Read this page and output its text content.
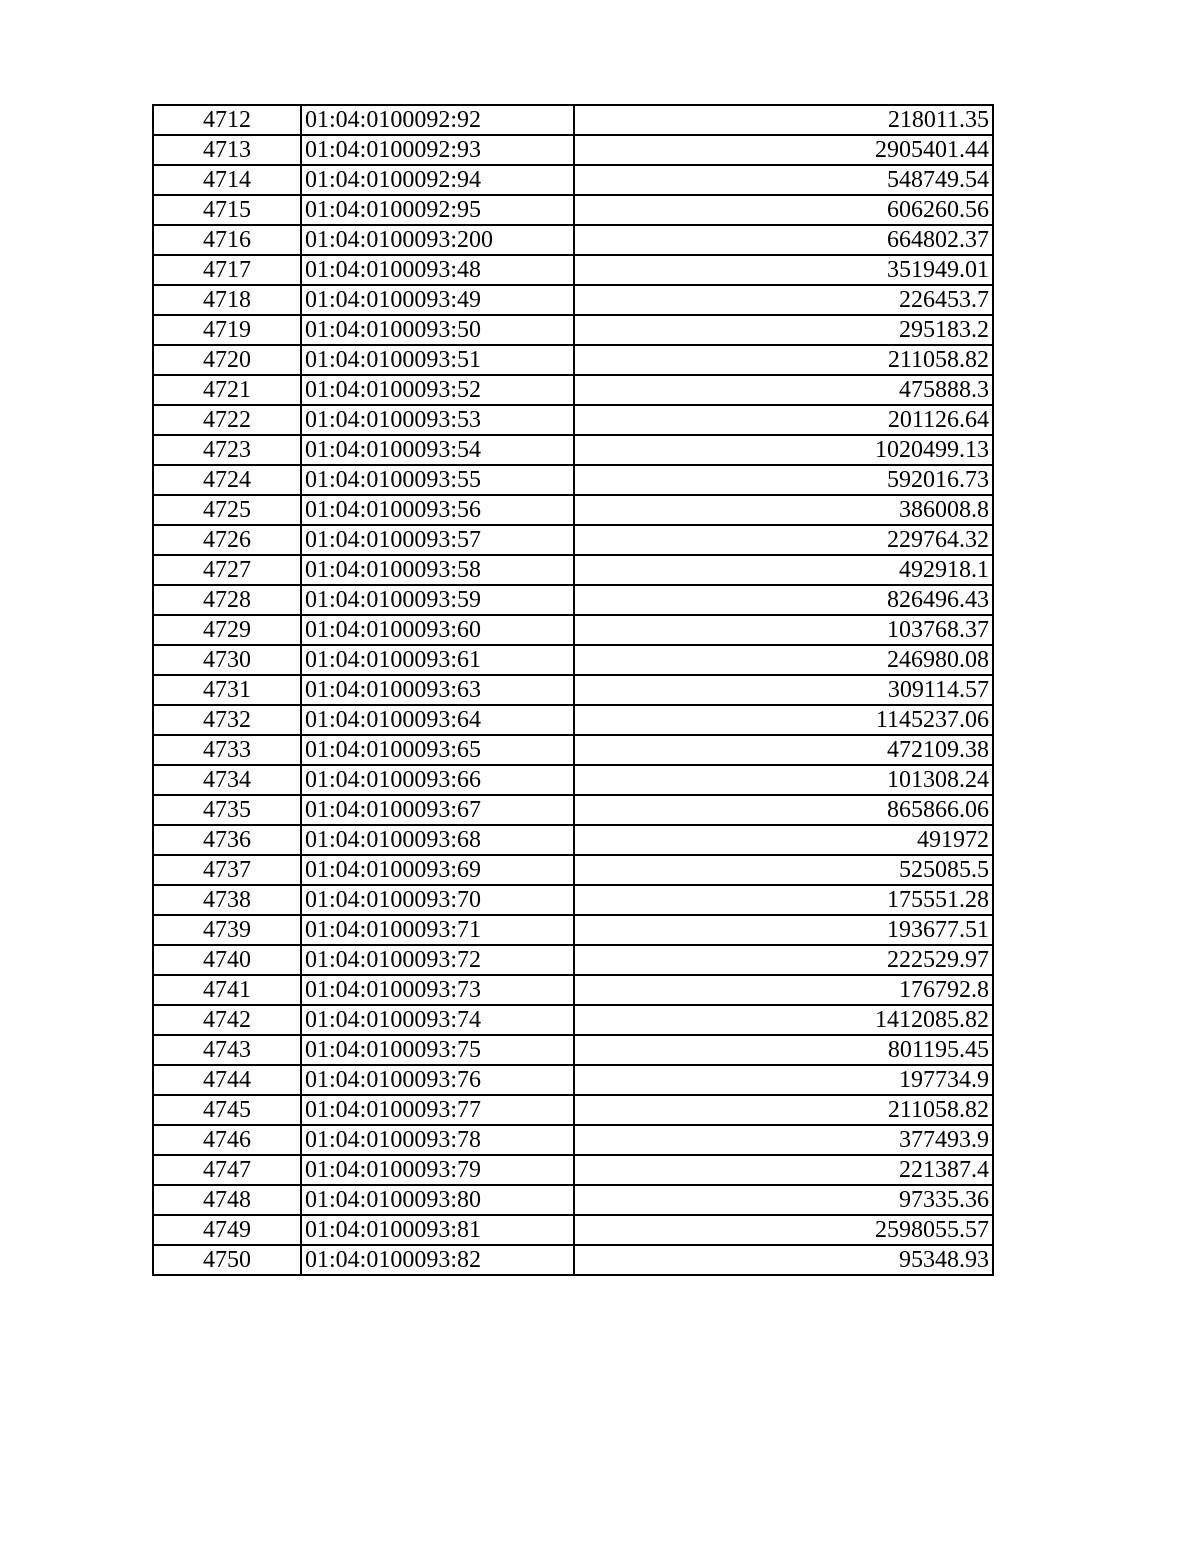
4712	01:04:0100092:92	218011.35
4713	01:04:0100092:93	2905401.44
4714	01:04:0100092:94	548749.54
4715	01:04:0100092:95	606260.56
4716	01:04:0100093:200	664802.37
4717	01:04:0100093:48	351949.01
4718	01:04:0100093:49	226453.7
4719	01:04:0100093:50	295183.2
4720	01:04:0100093:51	211058.82
4721	01:04:0100093:52	475888.3
4722	01:04:0100093:53	201126.64
4723	01:04:0100093:54	1020499.13
4724	01:04:0100093:55	592016.73
4725	01:04:0100093:56	386008.8
4726	01:04:0100093:57	229764.32
4727	01:04:0100093:58	492918.1
4728	01:04:0100093:59	826496.43
4729	01:04:0100093:60	103768.37
4730	01:04:0100093:61	246980.08
4731	01:04:0100093:63	309114.57
4732	01:04:0100093:64	1145237.06
4733	01:04:0100093:65	472109.38
4734	01:04:0100093:66	101308.24
4735	01:04:0100093:67	865866.06
4736	01:04:0100093:68	491972
4737	01:04:0100093:69	525085.5
4738	01:04:0100093:70	175551.28
4739	01:04:0100093:71	193677.51
4740	01:04:0100093:72	222529.97
4741	01:04:0100093:73	176792.8
4742	01:04:0100093:74	1412085.82
4743	01:04:0100093:75	801195.45
4744	01:04:0100093:76	197734.9
4745	01:04:0100093:77	211058.82
4746	01:04:0100093:78	377493.9
4747	01:04:0100093:79	221387.4
4748	01:04:0100093:80	97335.36
4749	01:04:0100093:81	2598055.57
4750	01:04:0100093:82	95348.93
